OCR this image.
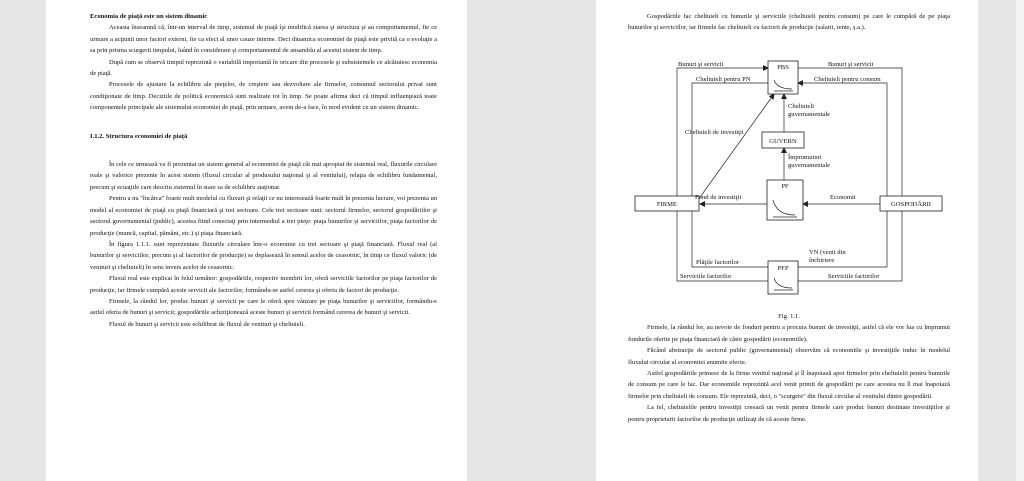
Economia de piață este un sistem dinamic

Aceasta înseamnă că, într-un interval de timp, sistemul de piaţă îşi modifică starea şi structura şi au comportamentul, fie ce urmare a acţiunii unor factori externi, fie ca efect al unor cauze interne. Deci dinamica economiei de piaţă este privită ca o evoluţie a sa prin prisma scurgerii timpului, luând în considerare şi comportamentul de ansamblu al acestui sistem de timp.

După cum se observă timpul reprezintă o variabilă importantă în oricare din procesele şi subsistemele ce alcătuiesc economia de piaţă.

Procesele de ajustare la echilibru ale pieţelor, de creştere sau dezvoltare ale firmelor, consumul sectorului privat sunt condiţionate de timp. Deciziile de politică economică sunt realizate tot în timp. Se poate afirma deci că timpul influenţează toate componentele principale ale sistemului economiei de piaţă, prin urmare, avem de-a face, în mod evident cu un sistem dinamic.

I.1.2. Structura economiei de piață

În cele ce urmează va fi prezentat un sistem general al economiei de piaţă cât mai apropiat de sistemul real, fluxurile circulare reale şi valorice prezente în acest sistem (fluxul circular al produsului naţional şi al venitului), relaţia de echilibru fundamental, precum şi ecuaţiile care descriu sistemul în stare sa de echilibru staţionar.

Pentru a nu "încărca" foarte mult modelul cu fluxuri şi relaţii ce nu interesează foarte mult în prezenta lucrare, voi prezenta un model al economiei de piaţă cu piaţă financiară şi trei sectoare. Cele trei sectoare sunt: sectorul firmelor, sectorul gospodăriilor şi sectorul guvernamental (public), acestea fiind conectaţi prin intermediul a trei pieţe: piaţa bunurilor şi serviciilor, piaţa factorilor de producţie (muncă, capital, pământ, etc.) şi piaţa financiară.

În figura 1.1.1. sunt reprezentate fluxurile circulare într-o economie cu trei sectoare şi piaţă financiară. Fluxul real (al bunurilor şi serviciilor, precum şi al factorilor de producţie) se deplasează în sensul acelor de ceasornic, în timp ce fluxul valoric (de venituri şi cheltuieli) în sens invers acelor de ceasornic.

Fluxul real este explicat în felul următor: gospodăriile, respectiv membrii lor, oferă serviciile factorilor pe piaţa factorilor de producţie, iar firmele cumpără aceste servicii ale factorilor, formându-se astfel cererea şi oferta de factori de producţie.

Firmele, la rândul lor, produc bunuri şi servicii pe care le oferă spre vânzare pe piaţa bunurilor şi serviciilor, formându-e astfel oferta de bunuri şi servicii; gospodăriile achiziţionează aceste bunuri şi servicii formând cererea de bunuri şi servicii.

Fluxul de bunuri şi servicii este echilibrat de fluxul de venituri şi cheltuieli.

Gospodăriile fac cheltuieli cu bunurile şi serviciile (cheltuieli pentru consum) pe care le cumpără de pe piaţa bunurilor şi serviciilor, iar firmele fac cheltuieli cu factorii de producţie (salarii, rente, ş.a.).

PBS
GUVERN
PF
PFP
FIRME	GOSPODĂRII
Bunuri şi servicii	Bunuri şi servicii
Cheltuieli pentru PN	Cheltuieli pentru consum
Cheltuieli
guvernamentale
Cheltuieli de investiţii
Împrumuturi
guvernamentale
Fond de investiţii	Economii
VN (venit din
închiriere
Plăţile factorilor
Serviciile factorilor	Serviciile factorilor

Fig. 1.1.

Firmele, la rândul lor, au nevoie de fonduri pentru a procura bunuri de investiţii, astfel că ele vor lua cu împrumut fondurile oferite pe piaţa financiară de către gospodării (economiile).

Făcând abstracţie de sectorul public (guvernamental) observăm că economiile şi investiţiile induc în modelul fluxului circular al economiei anumite efecte.

Astfel gospodăriile primesc de la firme venitul naţional şi îl înapoiază apoi firmelor prin cheltuielii pentru bunurile de consum pe care le fac. Dar economiile reprezintă acel venit primit de gospodării pe care acestea nu îl mai înapoiază firmelor prin cheltuieli de consum. Ele reprezintă, deci, o "scurgere" din fluxul circular al venitului dintre gospodării.

La fel, cheltuielile pentru investiţii creează un venit pentru firmele care produc bunuri destinate investiţiilor şi pentru proprietarii factorilor de producţie utilizaţi de că aceste firme.
